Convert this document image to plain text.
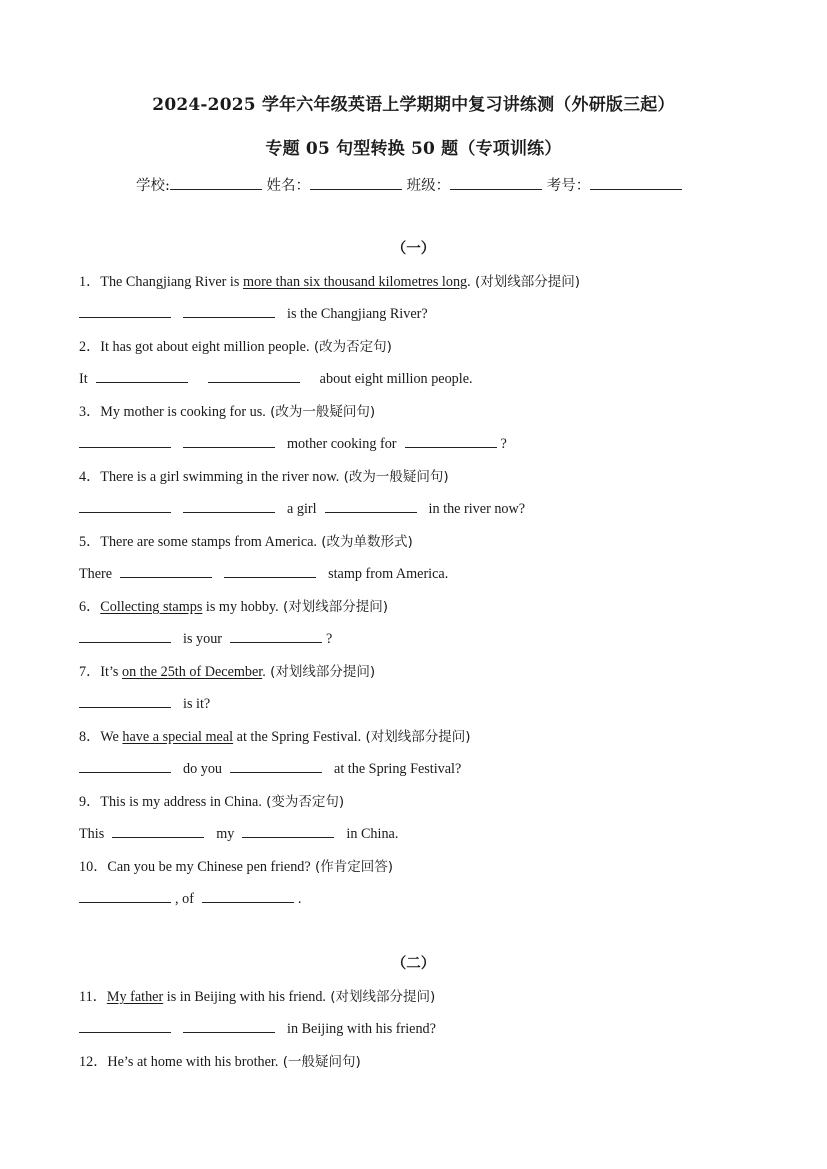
2024-2025 学年六年级英语上学期期中复习讲练测（外研版三起）
专题 05 句型转换 50 题（专项训练）
学校:	姓名：	班级：	考号：
（一）
1．The Changjiang River is more than six thousand kilometres long. (对划线部分提问)
is the Changjiang River?
2．It has got about eight million people. (改为否定句)
It	about eight million people.
3．My mother is cooking for us. (改为一般疑问句)
mother cooking for	?
4．There is a girl swimming in the river now. (改为一般疑问句)
a girl	in the river now?
5．There are some stamps from America. (改为单数形式)
There	stamp from America.
6．Collecting stamps is my hobby. (对划线部分提问)
is your	?
7．It’s on the 25th of December. (对划线部分提问)
is it?
8．We have a special meal at the Spring Festival. (对划线部分提问)
do you	at the Spring Festival?
9．This is my address in China. (变为否定句)
This	my	in China.
10．Can you be my Chinese pen friend? (作肯定回答)
, of	.
（二）
11．My father is in Beijing with his friend. (对划线部分提问)
in Beijing with his friend?
12．He’s at home with his brother. (一般疑问句)
